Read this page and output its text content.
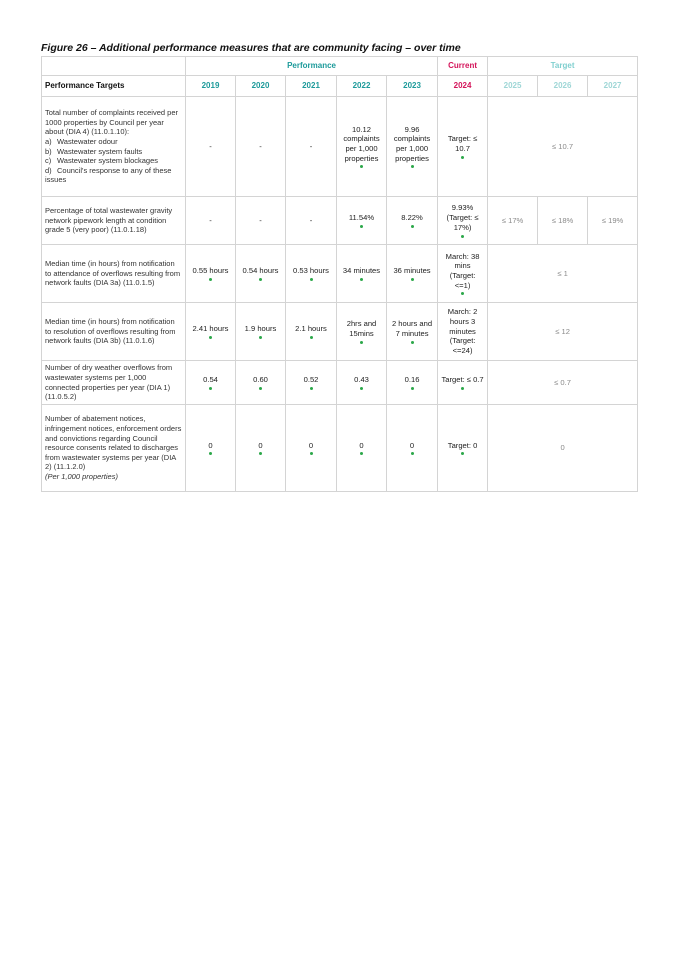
Figure 26 – Additional performance measures that are community facing – over time
	Performance					Current	Target		
Performance Targets	2019	2020	2021	2022	2023	2024	2025	2026	2027
Total number of complaints received per 1000 properties by Council per year about (DIA 4) (11.0.1.10):
a) Wastewater odour
b) Wastewater system faults
c) Wastewater system blockages
d) Council's response to any of these issues	-	-	-	10.12 complaints per 1,000 properties	9.96 complaints per 1,000 properties	Target: ≤ 10.7	≤ 10.7		
Percentage of total wastewater gravity network pipework length at condition grade 5 (very poor) (11.0.1.18)	-	-	-	11.54%	8.22%	9.93% (Target: ≤ 17%)	≤ 17%	≤ 18%	≤ 19%
Median time (in hours) from notification to attendance of overflows resulting from network faults (DIA 3a) (11.0.1.5)	0.55 hours	0.54 hours	0.53 hours	34 minutes	36 minutes	March: 38 mins (Target: <=1)	≤ 1		
Median time (in hours) from notification to resolution of overflows resulting from network faults (DIA 3b) (11.0.1.6)	2.41 hours	1.9 hours	2.1 hours	2hrs and 15mins	2 hours and 7 minutes	March: 2 hours 3 minutes (Target: <=24)	≤ 12		
Number of dry weather overflows from wastewater systems per 1,000 connected properties per year (DIA 1) (11.0.5.2)	0.54	0.60	0.52	0.43	0.16	Target: ≤ 0.7	≤ 0.7		
Number of abatement notices, infringement notices, enforcement orders and convictions regarding Council resource consents related to discharges from wastewater systems per year (DIA 2) (11.1.2.0)
(Per 1,000 properties)	0	0	0	0	0	Target: 0	0		
